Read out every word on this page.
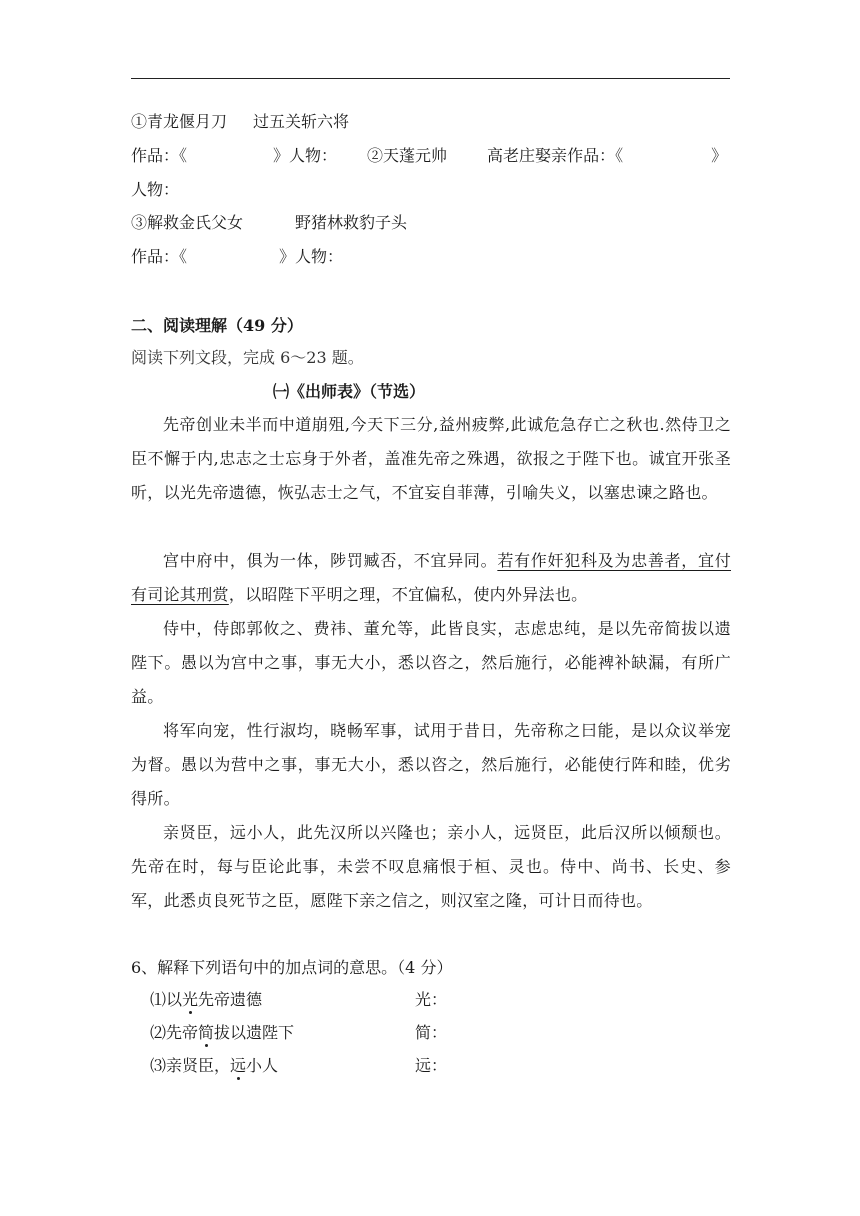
①青龙偃月刀 过五关斩六将
作品：《	》人物： ②天蓬元帅	高老庄娶亲作品：《	》
人物：
③解救金氏父女	野猪林救豹子头
作品：《	》人物：
二、阅读理解（49 分）
阅读下列文段，完成 6～23 题。
㈠《出师表》（节选）
先帝创业未半而中道崩殂,今天下三分,益州疲弊,此诚危急存亡之秋也.然侍卫之臣不懈于内,忠志之士忘身于外者，盖准先帝之殊遇，欲报之于陛下也。诚宜开张圣听，以光先帝遗德，恢弘志士之气，不宜妄自菲薄，引喻失义，以塞忠谏之路也。
宫中府中，俱为一体，陟罚臧否，不宜异同。若有作奸犯科及为忠善者，宜付有司论其刑赏，以昭陛下平明之理，不宜偏私，使内外异法也。
侍中，侍郎郭攸之、费祎、董允等，此皆良实，志虑忠纯，是以先帝简拔以遗陛下。愚以为宫中之事，事无大小，悉以咨之，然后施行，必能裨补缺漏，有所广益。
将军向宠，性行淑均，晓畅军事，试用于昔日，先帝称之曰能，是以众议举宠为督。愚以为营中之事，事无大小，悉以咨之，然后施行，必能使行阵和睦，优劣得所。
亲贤臣，远小人，此先汉所以兴隆也；亲小人，远贤臣，此后汉所以倾颓也。先帝在时，每与臣论此事，未尝不叹息痛恨于桓、灵也。侍中、尚书、长史、参军，此悉贞良死节之臣，愿陛下亲之信之，则汉室之隆，可计日而待也。
6、解释下列语句中的加点词的意思。（4 分）
⑴以光先帝遗德	光：
⑵先帝简拔以遗陛下	简：
⑶亲贤臣，远小人	远：
